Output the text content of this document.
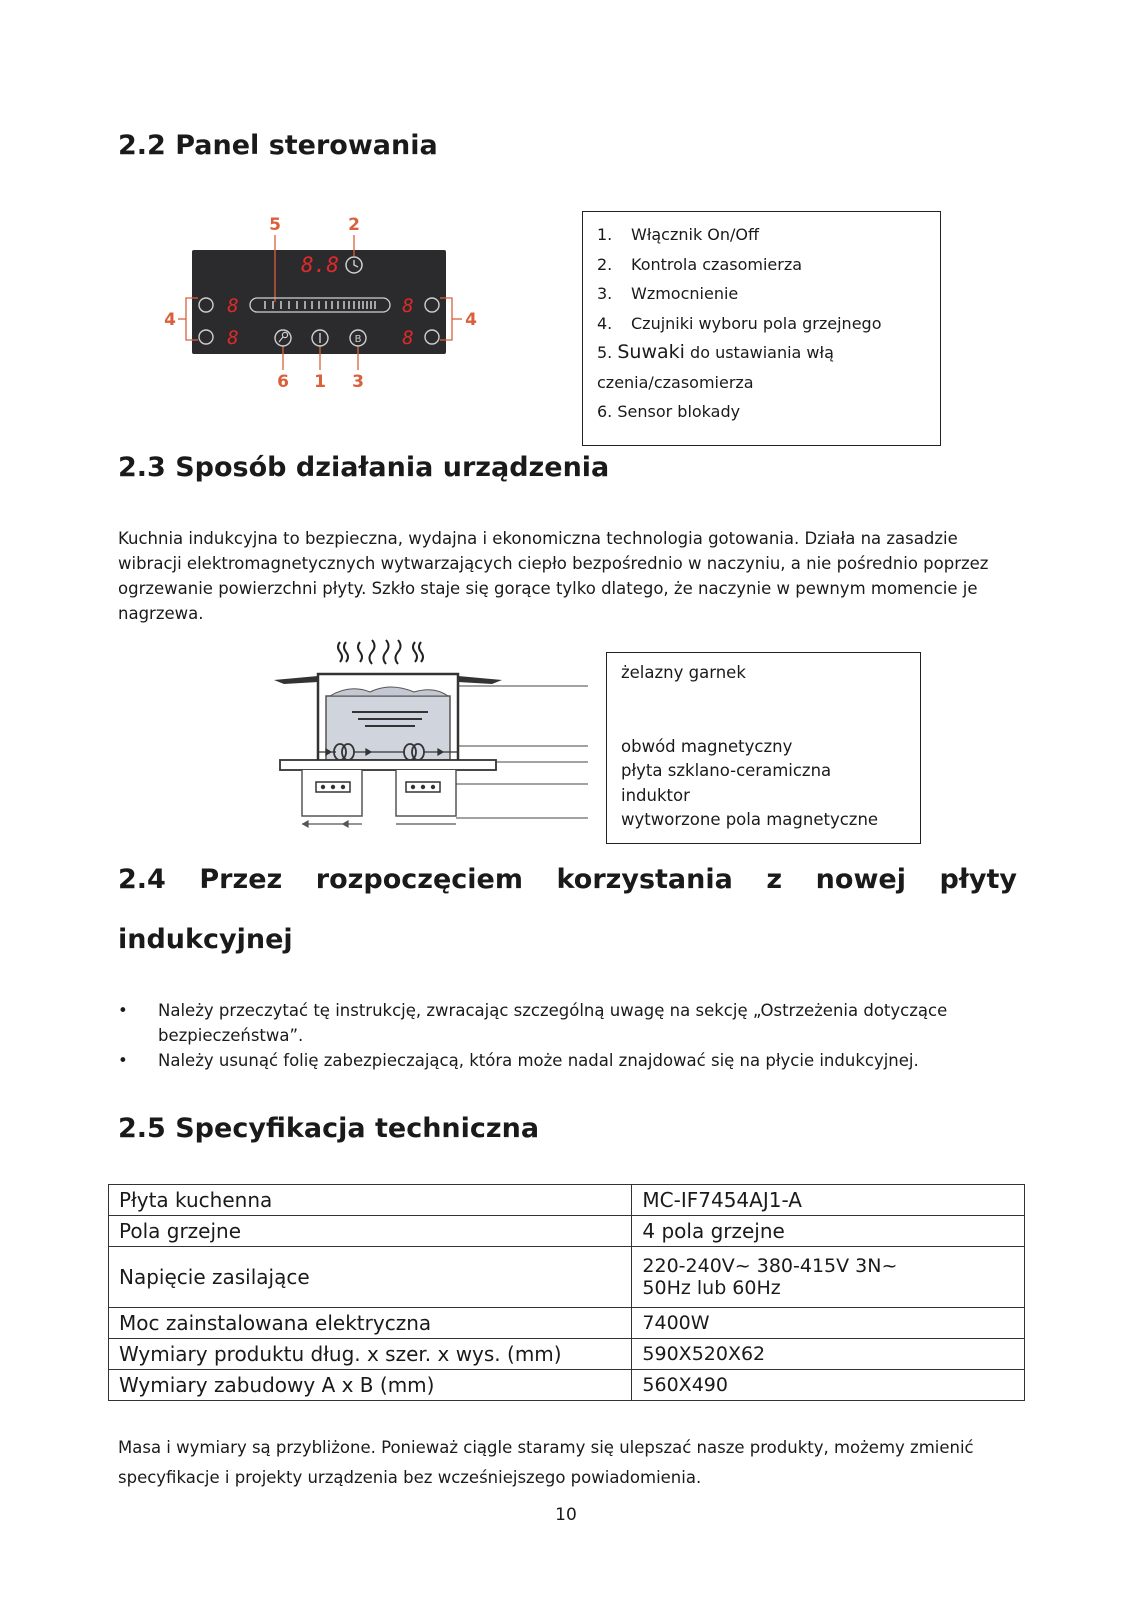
2.2 Panel sterowania
5	2
4	4
6 1 3
8.8
8
8
8
8
B
1. Włącznik On/Off
2. Kontrola czasomierza
3. Wzmocnienie
4. Czujniki wyboru pola grzejnego
5. Suwaki do ustawiania włą
czenia/czasomierza
6. Sensor blokady
2.3 Sposób działania urządzenia

Kuchnia indukcyjna to bezpieczna, wydajna i ekonomiczna technologia gotowania. Działa na zasadzie wibracji elektromagnetycznych wytwarzających ciepło bezpośrednio w naczyniu, a nie pośrednio poprzez ogrzewanie powierzchni płyty. Szkło staje się gorące tylko dlatego, że naczynie w pewnym momencie je nagrzewa.

żelazny garnek
obwód magnetyczny
płyta szklano-ceramiczna
induktor
wytworzone pola magnetyczne
2.4 Przez rozpoczęciem korzystania z nowej płyty
indukcyjnej
• Należy przeczytać tę instrukcję, zwracając szczególną uwagę na sekcję „Ostrzeżenia dotyczące bezpieczeństwa”.
• Należy usunąć folię zabezpieczającą, która może nadal znajdować się na płycie indukcyjnej.
2.5 Specyfikacja techniczna
Płyta kuchenna	MC-IF7454AJ1-A
Pola grzejne	4 pola grzejne
Napięcie zasilające	220-240V~ 380-415V 3N~
50Hz lub 60Hz

Moc zainstalowana elektryczna	7400W
Wymiary produktu dług. x szer. x wys. (mm)	590X520X62
Wymiary zabudowy A x B (mm)	560X490

Masa i wymiary są przybliżone. Ponieważ ciągle staramy się ulepszać nasze produkty, możemy zmienić specyfikacje i projekty urządzenia bez wcześniejszego powiadomienia.

10
